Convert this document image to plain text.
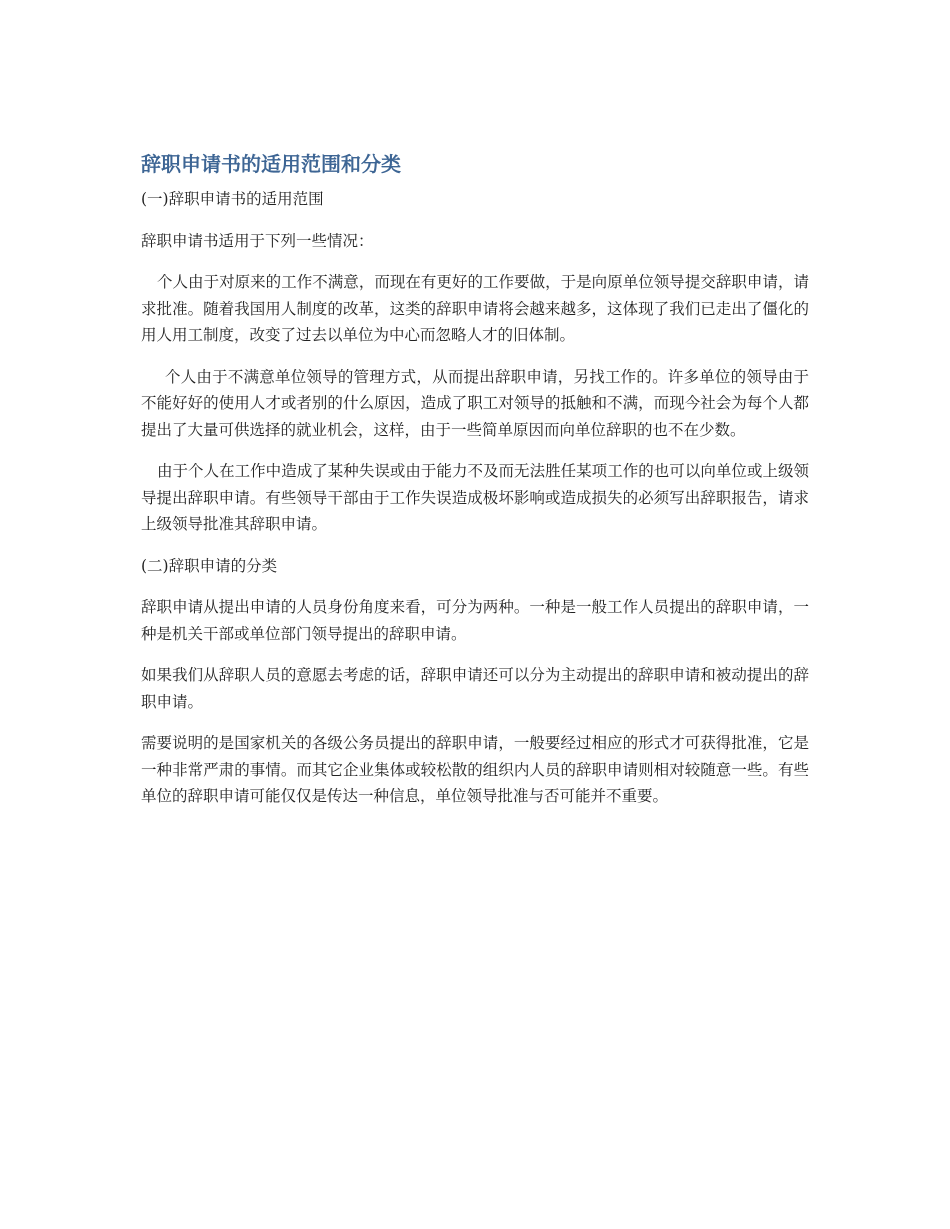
辞职申请书的适用范围和分类

(一)辞职申请书的适用范围

辞职申请书适用于下列一些情况：

个人由于对原来的工作不满意，而现在有更好的工作要做，于是向原单位领导提交辞职申请，请求批准。随着我国用人制度的改革，这类的辞职申请将会越来越多，这体现了我们已走出了僵化的用人用工制度，改变了过去以单位为中心而忽略人才的旧体制。

个人由于不满意单位领导的管理方式，从而提出辞职申请，另找工作的。许多单位的领导由于不能好好的使用人才或者别的什么原因，造成了职工对领导的抵触和不满，而现今社会为每个人都提出了大量可供选择的就业机会，这样，由于一些简单原因而向单位辞职的也不在少数。

由于个人在工作中造成了某种失误或由于能力不及而无法胜任某项工作的也可以向单位或上级领导提出辞职申请。有些领导干部由于工作失误造成极坏影响或造成损失的必须写出辞职报告，请求上级领导批准其辞职申请。

(二)辞职申请的分类

辞职申请从提出申请的人员身份角度来看，可分为两种。一种是一般工作人员提出的辞职申请，一种是机关干部或单位部门领导提出的辞职申请。

如果我们从辞职人员的意愿去考虑的话，辞职申请还可以分为主动提出的辞职申请和被动提出的辞职申请。

需要说明的是国家机关的各级公务员提出的辞职申请，一般要经过相应的形式才可获得批准，它是一种非常严肃的事情。而其它企业集体或较松散的组织内人员的辞职申请则相对较随意一些。有些单位的辞职申请可能仅仅是传达一种信息，单位领导批准与否可能并不重要。
